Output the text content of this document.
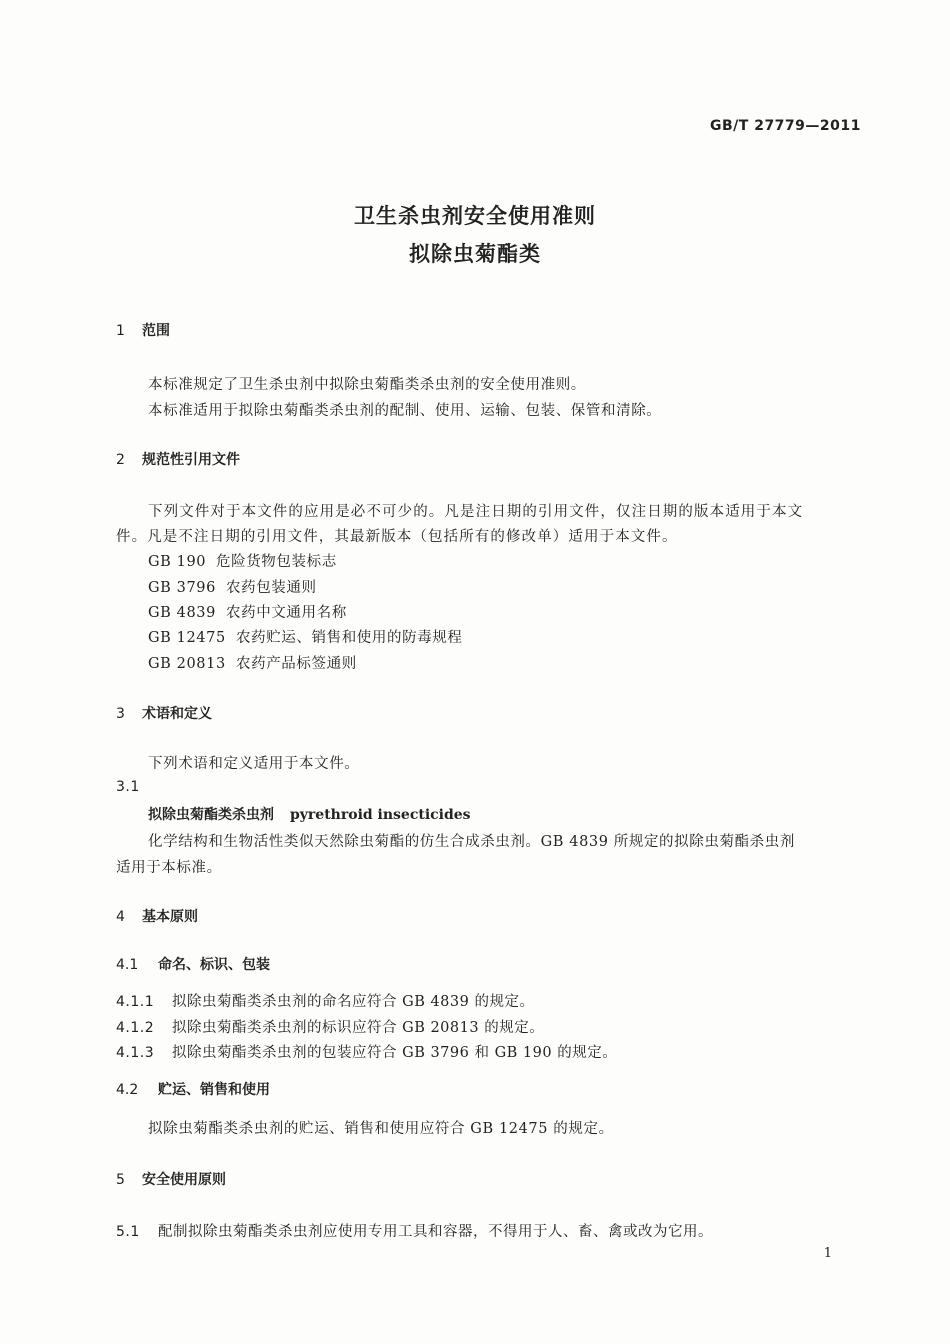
GB/T 27779—2011
卫生杀虫剂安全使用准则
拟除虫菊酯类
1 范围
本标准规定了卫生杀虫剂中拟除虫菊酯类杀虫剂的安全使用准则。
本标准适用于拟除虫菊酯类杀虫剂的配制、使用、运输、包装、保管和清除。
2 规范性引用文件
下列文件对于本文件的应用是必不可少的。凡是注日期的引用文件，仅注日期的版本适用于本文
件。凡是不注日期的引用文件，其最新版本（包括所有的修改单）适用于本文件。
GB 190 危险货物包装标志
GB 3796 农药包装通则
GB 4839 农药中文通用名称
GB 12475 农药贮运、销售和使用的防毒规程
GB 20813 农药产品标签通则
3 术语和定义
下列术语和定义适用于本文件。
3.1
拟除虫菊酯类杀虫剂 pyrethroid insecticides
化学结构和生物活性类似天然除虫菊酯的仿生合成杀虫剂。GB 4839 所规定的拟除虫菊酯杀虫剂
适用于本标准。
4 基本原则
4.1 命名、标识、包装
4.1.1 拟除虫菊酯类杀虫剂的命名应符合 GB 4839 的规定。
4.1.2 拟除虫菊酯类杀虫剂的标识应符合 GB 20813 的规定。
4.1.3 拟除虫菊酯类杀虫剂的包装应符合 GB 3796 和 GB 190 的规定。
4.2 贮运、销售和使用
拟除虫菊酯类杀虫剂的贮运、销售和使用应符合 GB 12475 的规定。
5 安全使用原则
5.1 配制拟除虫菊酯类杀虫剂应使用专用工具和容器，不得用于人、畜、禽或改为它用。
1
